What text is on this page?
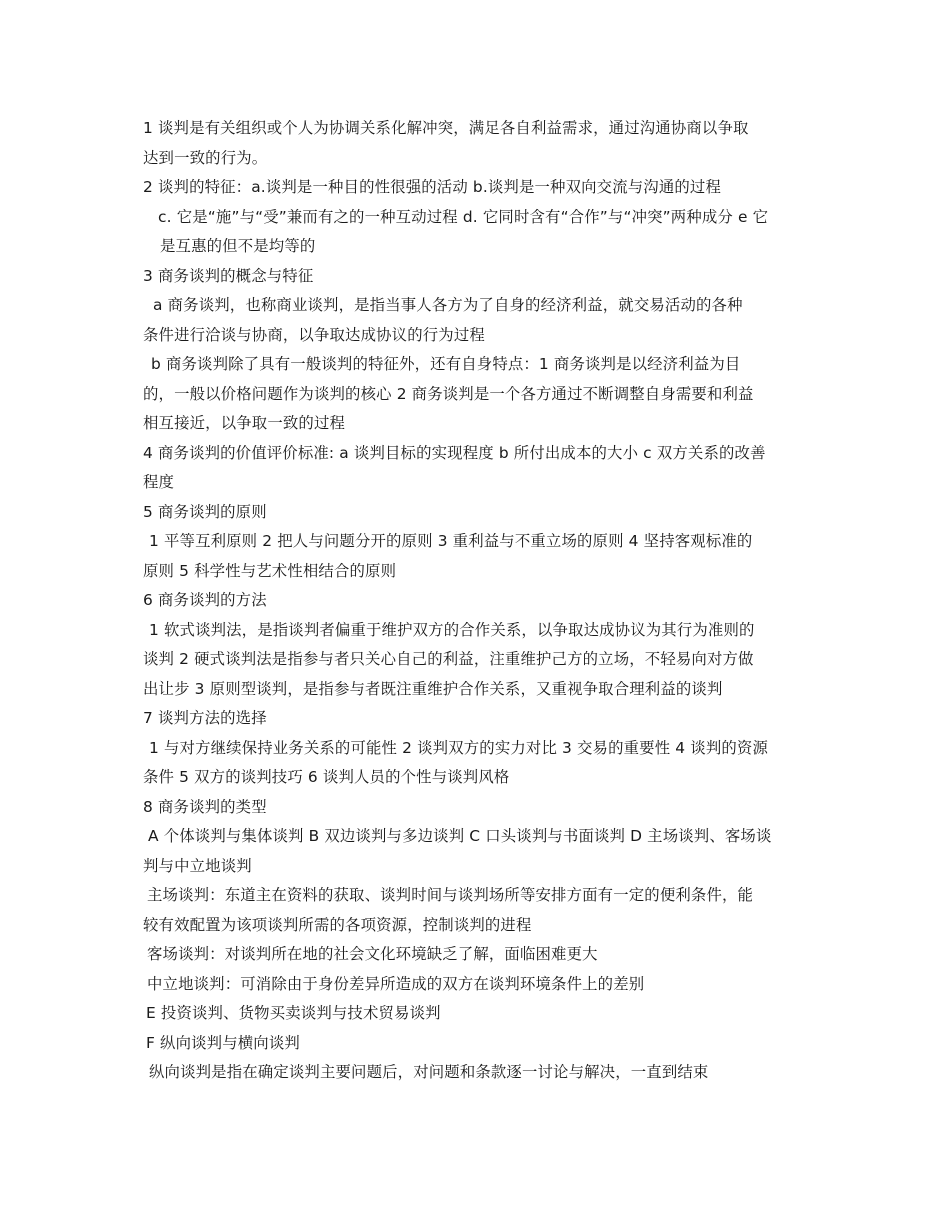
1 谈判是有关组织或个人为协调关系化解冲突，满足各自利益需求，通过沟通协商以争取
达到一致的行为。
2 谈判的特征：a.谈判是一种目的性很强的活动 b.谈判是一种双向交流与沟通的过程
c. 它是“施”与“受”兼而有之的一种互动过程 d. 它同时含有“合作”与“冲突”两种成分 e 它
是互惠的但不是均等的
3 商务谈判的概念与特征
a 商务谈判，也称商业谈判，是指当事人各方为了自身的经济利益，就交易活动的各种
条件进行洽谈与协商，以争取达成协议的行为过程
b 商务谈判除了具有一般谈判的特征外，还有自身特点：1 商务谈判是以经济利益为目
的，一般以价格问题作为谈判的核心 2 商务谈判是一个各方通过不断调整自身需要和利益
相互接近，以争取一致的过程
4 商务谈判的价值评价标准: a 谈判目标的实现程度 b 所付出成本的大小 c 双方关系的改善
程度
5 商务谈判的原则
1 平等互利原则 2 把人与问题分开的原则 3 重利益与不重立场的原则 4 坚持客观标准的
原则 5 科学性与艺术性相结合的原则
6 商务谈判的方法
1 软式谈判法，是指谈判者偏重于维护双方的合作关系，以争取达成协议为其行为准则的
谈判 2 硬式谈判法是指参与者只关心自己的利益，注重维护己方的立场，不轻易向对方做
出让步 3 原则型谈判，是指参与者既注重维护合作关系，又重视争取合理利益的谈判
7 谈判方法的选择
1 与对方继续保持业务关系的可能性 2 谈判双方的实力对比 3 交易的重要性 4 谈判的资源
条件 5 双方的谈判技巧 6 谈判人员的个性与谈判风格
8 商务谈判的类型
A 个体谈判与集体谈判 B 双边谈判与多边谈判 C 口头谈判与书面谈判 D 主场谈判、客场谈
判与中立地谈判
主场谈判：东道主在资料的获取、谈判时间与谈判场所等安排方面有一定的便利条件，能
较有效配置为该项谈判所需的各项资源，控制谈判的进程
客场谈判：对谈判所在地的社会文化环境缺乏了解，面临困难更大
中立地谈判：可消除由于身份差异所造成的双方在谈判环境条件上的差别
E 投资谈判、货物买卖谈判与技术贸易谈判
F 纵向谈判与横向谈判
纵向谈判是指在确定谈判主要问题后，对问题和条款逐一讨论与解决，一直到结束
